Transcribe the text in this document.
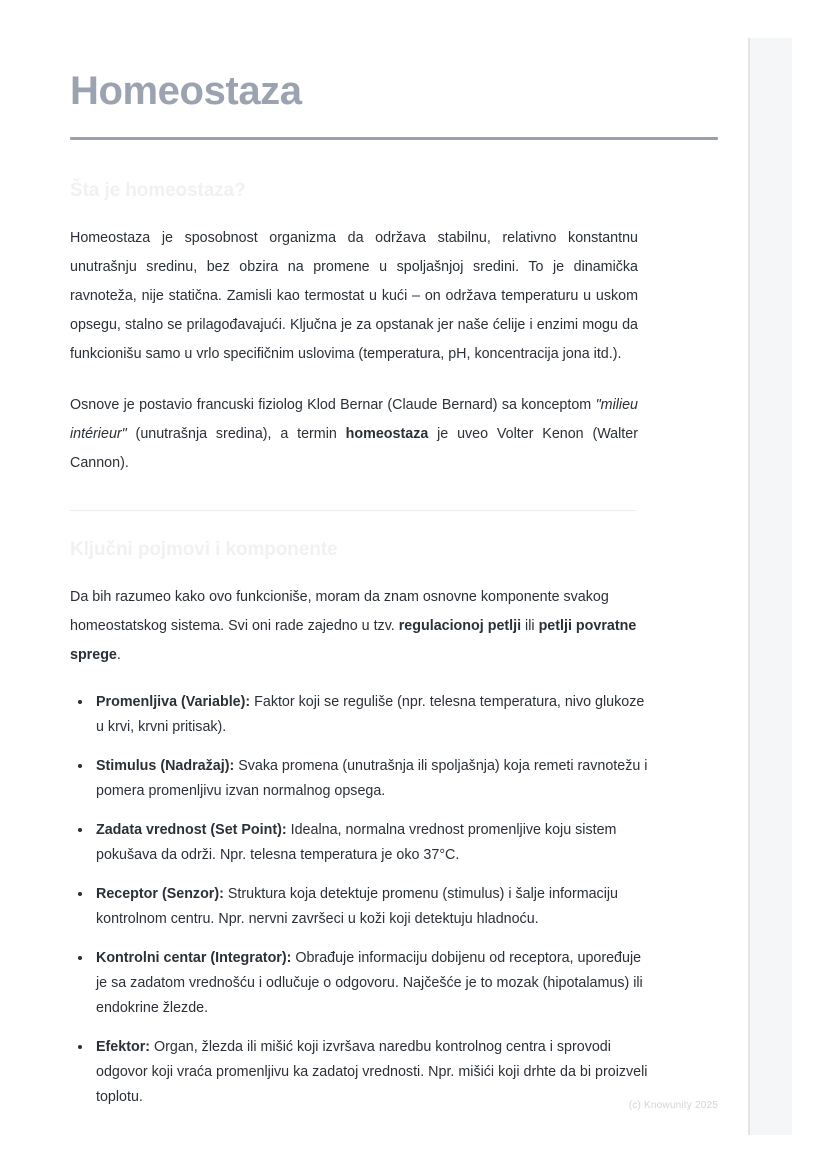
Homeostaza
Šta je homeostaza?

Homeostaza je sposobnost organizma da održava stabilnu, relativno konstantnu unutrašnju sredinu, bez obzira na promene u spoljašnjoj sredini. To je dinamička ravnoteža, nije statična. Zamisli kao termostat u kući – on održava temperaturu u uskom opsegu, stalno se prilagođavajući. Ključna je za opstanak jer naše ćelije i enzimi mogu da funkcionišu samo u vrlo specifičnim uslovima (temperatura, pH, koncentracija jona itd.).

Osnove je postavio francuski fiziolog Klod Bernar (Claude Bernard) sa konceptom "milieu intérieur" (unutrašnja sredina), a termin homeostaza je uveo Volter Kenon (Walter Cannon).

Ključni pojmovi i komponente

Da bih razumeo kako ovo funkcioniše, moram da znam osnovne komponente svakog homeostatskog sistema. Svi oni rade zajedno u tzv. regulacionoj petlji ili petlji povratne sprege.

Promenljiva (Variable): Faktor koji se reguliše (npr. telesna temperatura, nivo glukoze u krvi, krvni pritisak).
Stimulus (Nadražaj): Svaka promena (unutrašnja ili spoljašnja) koja remeti ravnotežu i pomera promenljivu izvan normalnog opsega.
Zadata vrednost (Set Point): Idealna, normalna vrednost promenljive koju sistem pokušava da održi. Npr. telesna temperatura je oko 37°C.
Receptor (Senzor): Struktura koja detektuje promenu (stimulus) i šalje informaciju kontrolnom centru. Npr. nervni završeci u koži koji detektuju hladnoću.
Kontrolni centar (Integrator): Obrađuje informaciju dobijenu od receptora, upoređuje je sa zadatom vrednošću i odlučuje o odgovoru. Najčešće je to mozak (hipotalamus) ili endokrine žlezde.
Efektor: Organ, žlezda ili mišić koji izvršava naredbu kontrolnog centra i sprovodi odgovor koji vraća promenljivu ka zadatoj vrednosti. Npr. mišići koji drhte da bi proizveli toplotu.
(c) Knowunity 2025
